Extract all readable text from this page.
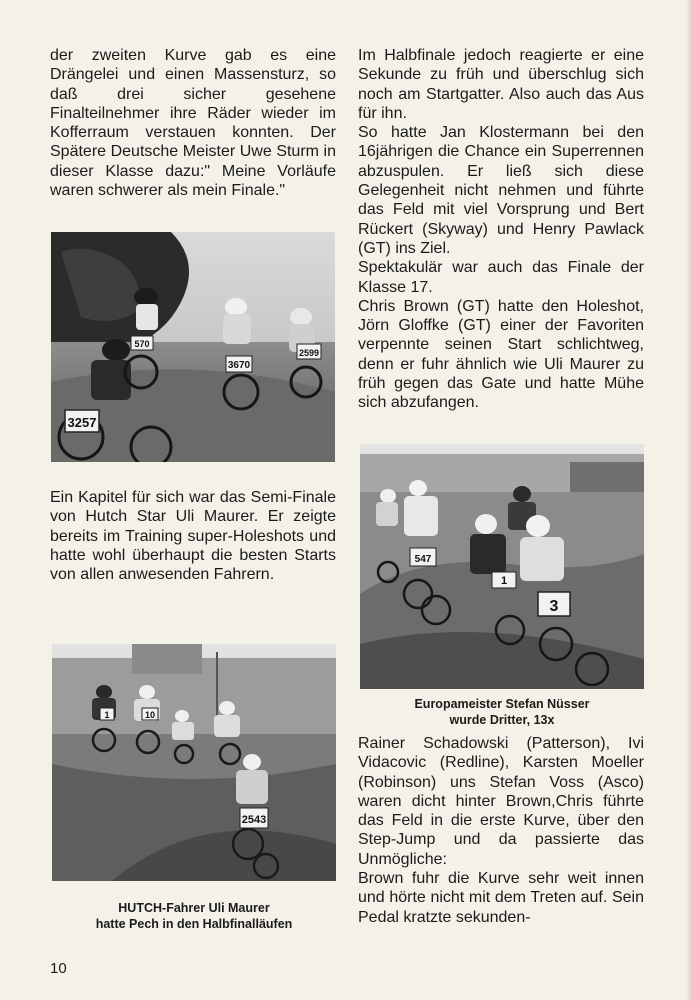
der zweiten Kurve gab es eine Drängelei und einen Massensturz, so daß drei sicher gesehene Finalteilnehmer ihre Räder wieder im Kofferraum verstauen konnten. Der Spätere Deutsche Meister Uwe Sturm in dieser Klasse dazu:" Meine Vorläufe waren schwerer als mein Finale."

3257
3670
570
2599

Ein Kapitel für sich war das Semi-Finale von Hutch Star Uli Maurer. Er zeigte bereits im Training super-Holeshots und hatte wohl überhaupt die besten Starts von allen anwesenden Fahrern.

2543
1	10
HUTCH-Fahrer Uli Maurer
hatte Pech in den Halbfinalläufen

Im Halbfinale jedoch reagierte er eine Sekunde zu früh und überschlug sich noch am Startgatter. Also auch das Aus für ihn.

So hatte Jan Klostermann bei den 16jährigen die Chance ein Superrennen abzuspulen. Er ließ sich diese Gelegenheit nicht nehmen und führte das Feld mit viel Vorsprung und Bert Rückert (Skyway) und Henry Pawlack (GT) ins Ziel.

Spektakulär war auch das Finale der Klasse 17.

Chris Brown (GT) hatte den Holeshot, Jörn Gloffke (GT) einer der Favoriten verpennte seinen Start schlichtweg, denn er fuhr ähnlich wie Uli Maurer zu früh gegen das Gate und hatte Mühe sich abzufangen.

547
3
1
Europameister Stefan Nüsser
wurde Dritter, 13x

Rainer Schadowski (Patterson), Ivi Vidacovic (Redline), Karsten Moeller (Robinson) uns Stefan Voss (Asco) waren dicht hinter Brown,Chris führte das Feld in die erste Kurve, über den Step-Jump und da passierte das Unmögliche:

Brown fuhr die Kurve sehr weit innen und hörte nicht mit dem Treten auf. Sein Pedal kratzte sekunden-

10
